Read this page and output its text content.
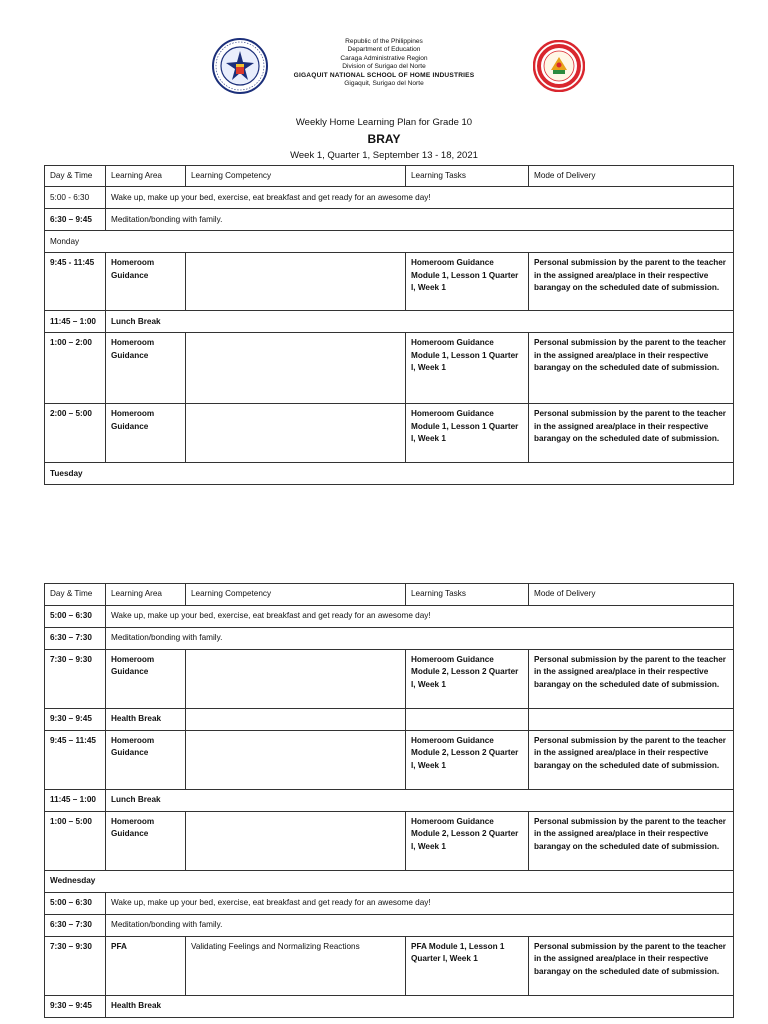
Republic of the Philippines
Department of Education
Caraga Administrative Region
Division of Surigao del Norte
GIGAQUIT NATIONAL SCHOOL OF HOME INDUSTRIES
Gigaquit, Surigao del Norte
Weekly Home Learning Plan for Grade 10
BRAY
Week 1, Quarter 1, September 13 - 18, 2021
Day & Time	Learning Area	Learning Competency	Learning Tasks	Mode of Delivery
5:00 - 6:30	Wake up, make up your bed, exercise, eat breakfast and get ready for an awesome day!			
6:30 – 9:45	Meditation/bonding with family.			
Monday				
9:45 - 11:45	Homeroom Guidance		Homeroom Guidance Module 1, Lesson 1 Quarter I, Week 1	Personal submission by the parent to the teacher in the assigned area/place in their respective barangay on the scheduled date of submission.
11:45 – 1:00	Lunch Break			
1:00 – 2:00	Homeroom Guidance		Homeroom Guidance Module 1, Lesson 1 Quarter I, Week 1	Personal submission by the parent to the teacher in the assigned area/place in their respective barangay on the scheduled date of submission.
2:00 – 5:00	Homeroom Guidance		Homeroom Guidance Module 1, Lesson 1 Quarter I, Week 1	Personal submission by the parent to the teacher in the assigned area/place in their respective barangay on the scheduled date of submission.
Tuesday				
Day & Time	Learning Area	Learning Competency	Learning Tasks	Mode of Delivery
5:00 – 6:30	Wake up, make up your bed, exercise, eat breakfast and get ready for an awesome day!			
6:30 – 7:30	Meditation/bonding with family.			
7:30 – 9:30	Homeroom Guidance		Homeroom Guidance Module 2, Lesson 2 Quarter I, Week 1	Personal submission by the parent to the teacher in the assigned area/place in their respective barangay on the scheduled date of submission.
9:30 – 9:45	Health Break			
9:45 – 11:45	Homeroom Guidance		Homeroom Guidance Module 2, Lesson 2 Quarter I, Week 1	Personal submission by the parent to the teacher in the assigned area/place in their respective barangay on the scheduled date of submission.
11:45 – 1:00	Lunch Break			
1:00 – 5:00	Homeroom Guidance		Homeroom Guidance Module 2, Lesson 2 Quarter I, Week 1	Personal submission by the parent to the teacher in the assigned area/place in their respective barangay on the scheduled date of submission.
Wednesday				
5:00 – 6:30	Wake up, make up your bed, exercise, eat breakfast and get ready for an awesome day!			
6:30 – 7:30	Meditation/bonding with family.			
7:30 – 9:30	PFA	Validating Feelings and Normalizing Reactions	PFA Module 1, Lesson 1 Quarter I, Week 1	Personal submission by the parent to the teacher in the assigned area/place in their respective barangay on the scheduled date of submission.
9:30 – 9:45	Health Break			
